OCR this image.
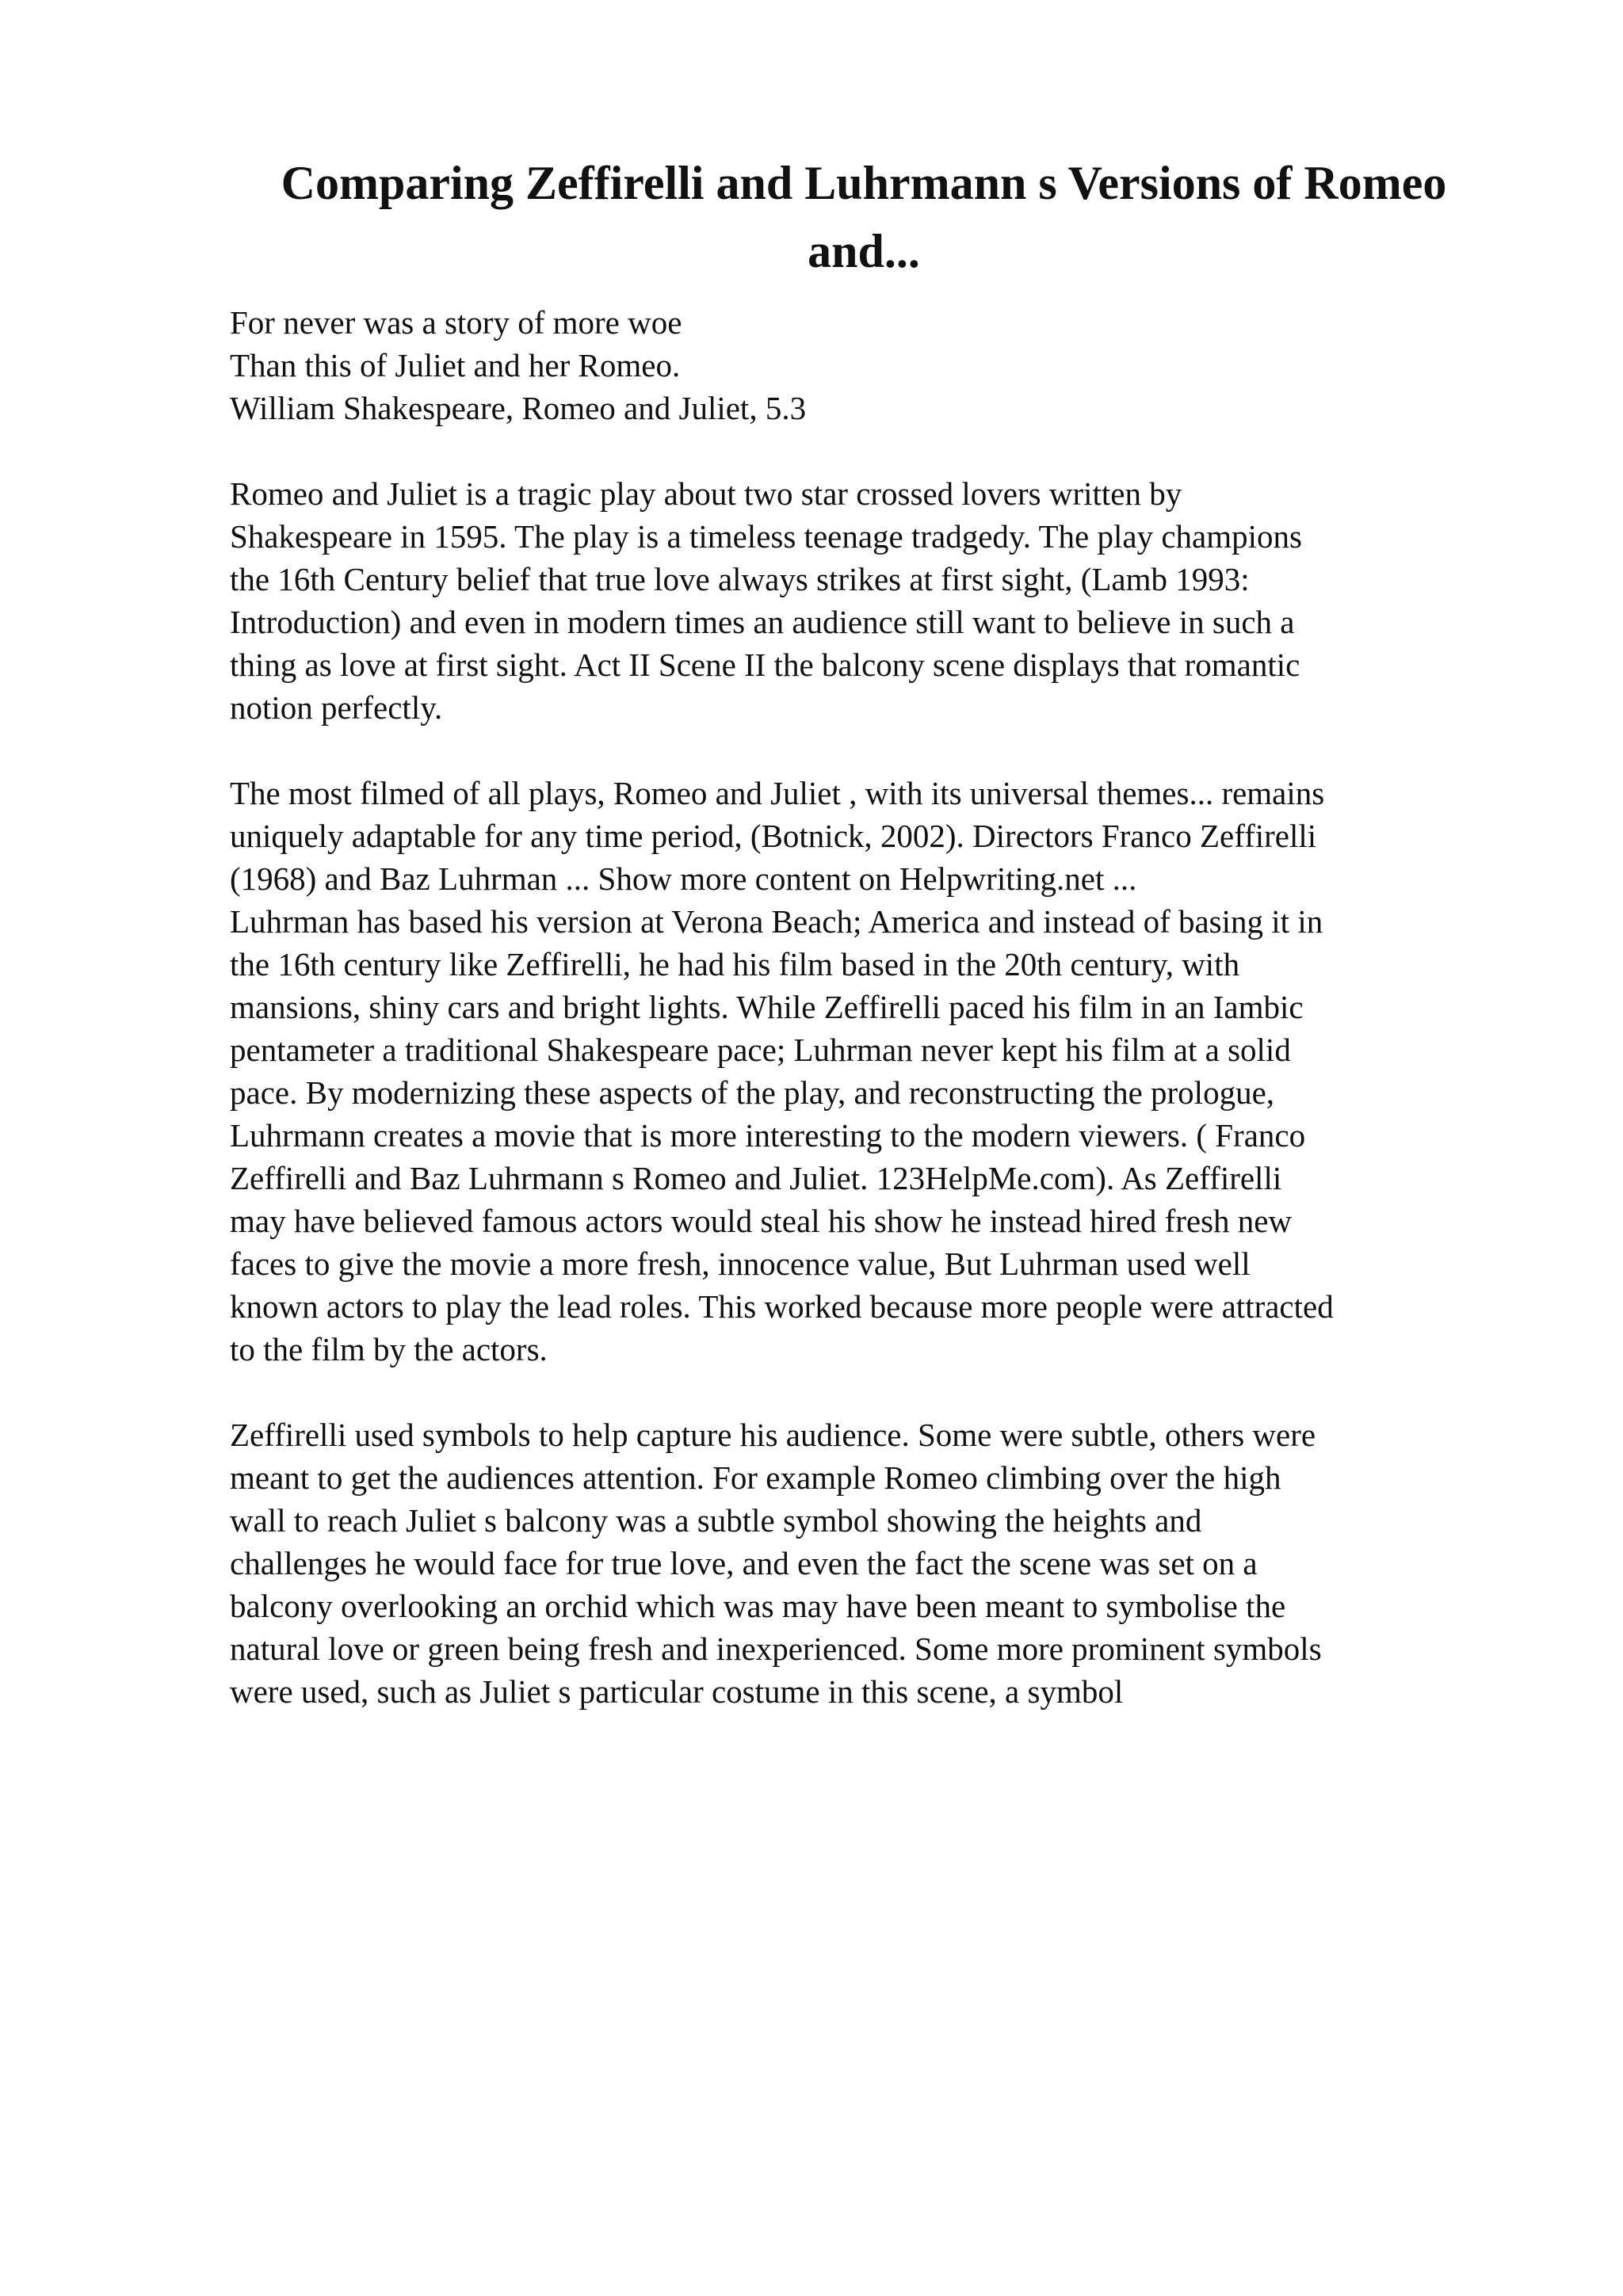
Comparing Zeffirelli and Luhrmann s Versions of Romeo
and...
For never was a story of more woe
Than this of Juliet and her Romeo.
William Shakespeare, Romeo and Juliet, 5.3
Romeo and Juliet is a tragic play about two star crossed lovers written by
Shakespeare in 1595. The play is a timeless teenage tradgedy. The play champions
the 16th Century belief that true love always strikes at first sight, (Lamb 1993:
Introduction) and even in modern times an audience still want to believe in such a
thing as love at first sight. Act II Scene II the balcony scene displays that romantic
notion perfectly.
The most filmed of all plays, Romeo and Juliet , with its universal themes... remains
uniquely adaptable for any time period, (Botnick, 2002). Directors Franco Zeffirelli
(1968) and Baz Luhrman ... Show more content on Helpwriting.net ...
Luhrman has based his version at Verona Beach; America and instead of basing it in
the 16th century like Zeffirelli, he had his film based in the 20th century, with
mansions, shiny cars and bright lights. While Zeffirelli paced his film in an Iambic
pentameter a traditional Shakespeare pace; Luhrman never kept his film at a solid
pace. By modernizing these aspects of the play, and reconstructing the prologue,
Luhrmann creates a movie that is more interesting to the modern viewers. ( Franco
Zeffirelli and Baz Luhrmann s Romeo and Juliet. 123HelpMe.com). As Zeffirelli
may have believed famous actors would steal his show he instead hired fresh new
faces to give the movie a more fresh, innocence value, But Luhrman used well
known actors to play the lead roles. This worked because more people were attracted
to the film by the actors.
Zeffirelli used symbols to help capture his audience. Some were subtle, others were
meant to get the audiences attention. For example Romeo climbing over the high
wall to reach Juliet s balcony was a subtle symbol showing the heights and
challenges he would face for true love, and even the fact the scene was set on a
balcony overlooking an orchid which was may have been meant to symbolise the
natural love or green being fresh and inexperienced. Some more prominent symbols
were used, such as Juliet s particular costume in this scene, a symbol
